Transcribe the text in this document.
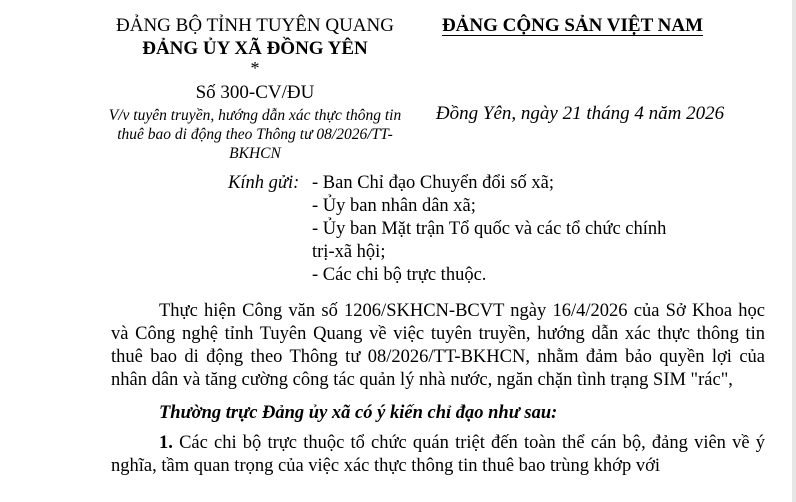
ĐẢNG BỘ TỈNH TUYÊN QUANG
ĐẢNG ỦY XÃ ĐỒNG YÊN
*
Số 300-CV/ĐU
V/v tuyên truyền, hướng dẫn xác thực thông tin thuê bao di động theo Thông tư 08/2026/TT-BKHCN
ĐẢNG CỘNG SẢN VIỆT NAM
Đồng Yên, ngày 21 tháng 4 năm 2026
Kính gửi: - Ban Chỉ đạo Chuyển đổi số xã;
- Ủy ban nhân dân xã;
- Ủy ban Mặt trận Tổ quốc và các tổ chức chính
trị-xã hội;
- Các chi bộ trực thuộc.

Thực hiện Công văn số 1206/SKHCN-BCVT ngày 16/4/2026 của Sở Khoa học và Công nghệ tỉnh Tuyên Quang về việc tuyên truyền, hướng dẫn xác thực thông tin thuê bao di động theo Thông tư 08/2026/TT-BKHCN, nhằm đảm bảo quyền lợi của nhân dân và tăng cường công tác quản lý nhà nước, ngăn chặn tình trạng SIM "rác",

Thường trực Đảng ủy xã có ý kiến chỉ đạo như sau:

1. Các chi bộ trực thuộc tổ chức quán triệt đến toàn thể cán bộ, đảng viên về ý nghĩa, tầm quan trọng của việc xác thực thông tin thuê bao trùng khớp với
